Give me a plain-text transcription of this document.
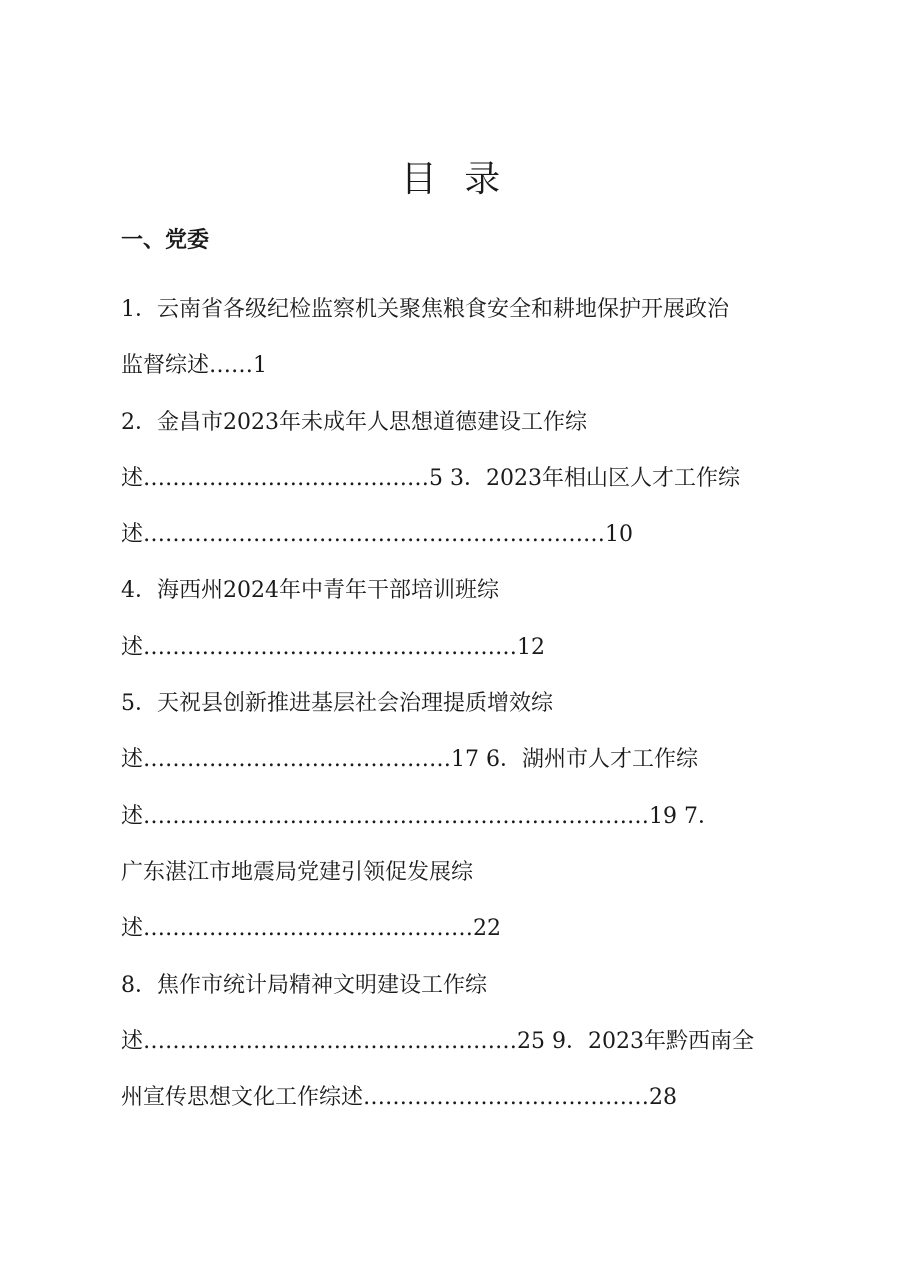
目 录
一、党委
1．云南省各级纪检监察机关聚焦粮食安全和耕地保护开展政治
监督综述……1
2．金昌市2023年未成年人思想道德建设工作综
述…………………………………5 3．2023年相山区人才工作综
述………………………………………………………10
4．海西州2024年中青年干部培训班综
述……………………………………………12
5．天祝县创新推进基层社会治理提质增效综
述……………………………………17 6．湖州市人才工作综
述……………………………………………………………19 7．
广东湛江市地震局党建引领促发展综
述………………………………………22
8．焦作市统计局精神文明建设工作综
述……………………………………………25 9．2023年黔西南全
州宣传思想文化工作综述…………………………………28
